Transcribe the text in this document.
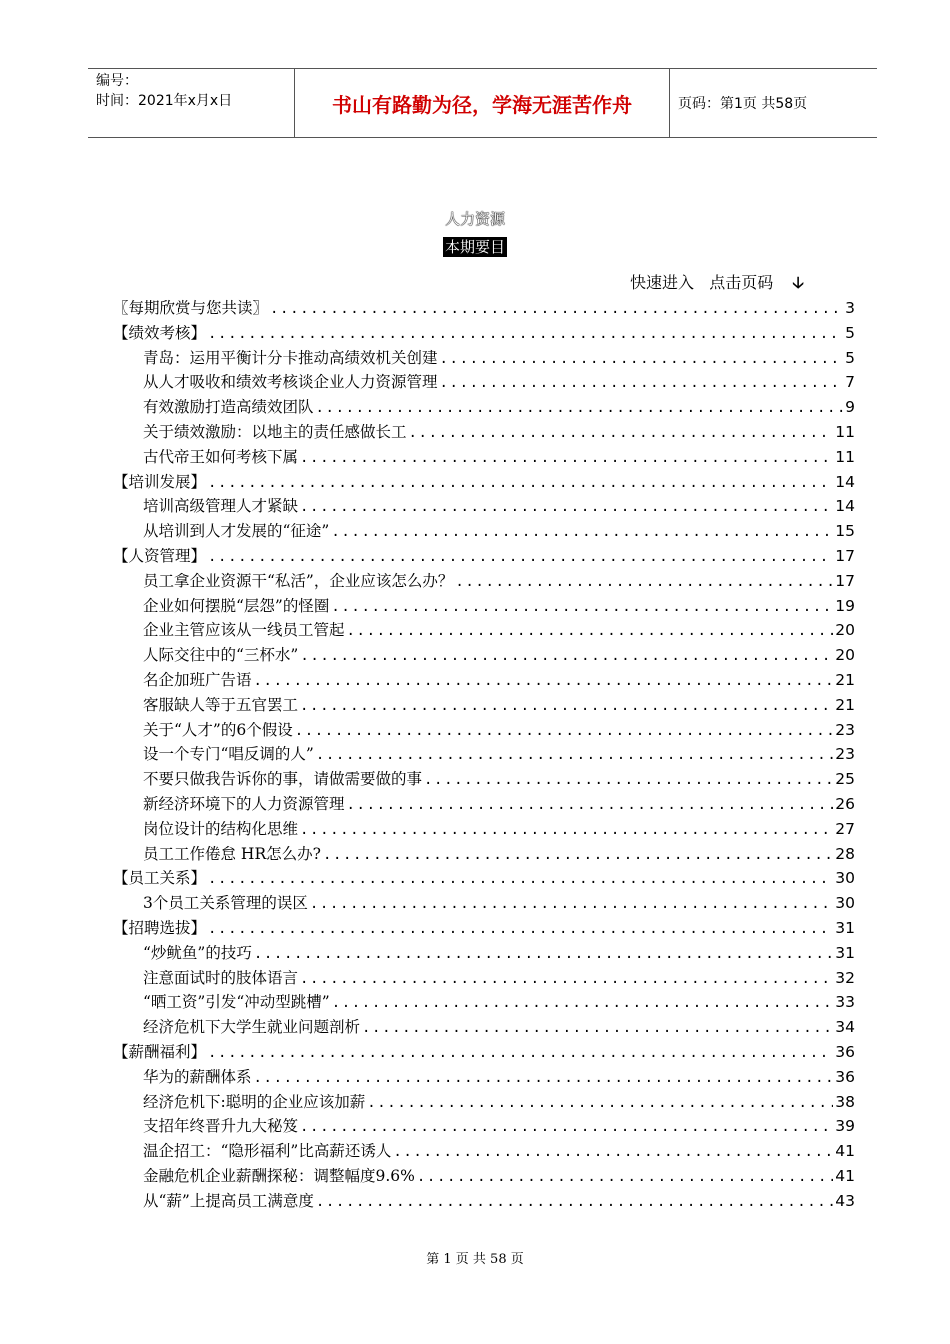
编号：
时间：2021年x月x日	书山有路勤为径，学海无涯苦作舟	页码：第1页 共58页
人力资源
本期要目
快速进入   点击页码 🡣
〖每期欣赏与您共读〗 .....	3
【绩效考核】 .....	5
青岛：运用平衡计分卡推动高绩效机关创建 .....	5
从人才吸收和绩效考核谈企业人力资源管理 .....	7
有效激励打造高绩效团队 .....	9
关于绩效激励：以地主的责任感做长工 .....	11
古代帝王如何考核下属 .....	11
【培训发展】 .....	14
培训高级管理人才紧缺 .....	14
从培训到人才发展的“征途” .....	15
【人资管理】 .....	17
员工拿企业资源干“私活”，企业应该怎么办？ .....	17
企业如何摆脱“层怨”的怪圈 .....	19
企业主管应该从一线员工管起 .....	20
人际交往中的“三杯水” .....	20
名企加班广告语 .....	21
客服缺人等于五官罢工 .....	21
关于“人才”的6个假设 .....	23
设一个专门“唱反调的人” .....	23
不要只做我告诉你的事，请做需要做的事 .....	25
新经济环境下的人力资源管理 .....	26
岗位设计的结构化思维 .....	27
员工工作倦怠 HR怎么办? .....	28
【员工关系】 .....	30
3个员工关系管理的误区 .....	30
【招聘选拔】 .....	31
“炒鱿鱼”的技巧 .....	31
注意面试时的肢体语言 .....	32
“晒工资”引发“冲动型跳槽” .....	33
经济危机下大学生就业问题剖析 .....	34
【薪酬福利】 .....	36
华为的薪酬体系 .....	36
经济危机下:聪明的企业应该加薪 .....	38
支招年终晋升九大秘笈 .....	39
温企招工：“隐形福利”比高薪还诱人 .....	41
金融危机企业薪酬探秘：调整幅度9.6% .....	41
从“薪”上提高员工满意度 .....	43
第 1 页 共 58 页
